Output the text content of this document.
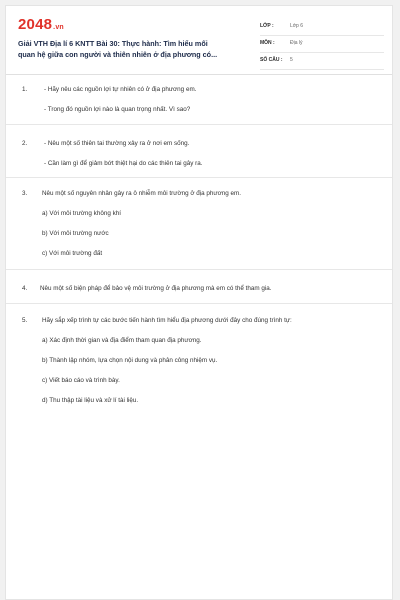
2048.vn
Giải VTH Địa lí 6 KNTT Bài 30: Thực hành: Tìm hiểu mối
quan hệ giữa con người và thiên nhiên ở địa phương có...
LỚP :	Lớp 6
MÔN :	Địa lý
SỐ CÂU : 5
1.	- Hãy nêu các nguồn lợi tự nhiên có ở địa phương em.
- Trong đó nguồn lợi nào là quan trọng nhất. Vì sao?
2.	- Nêu một số thiên tai thường xảy ra ở nơi em sống.
- Cần làm gì để giảm bớt thiệt hại do các thiên tai gây ra.
3. Nêu một số nguyên nhân gây ra ô nhiễm môi trường ở địa phương em.
a) Với môi trường không khí
b) Với môi trường nước
c) Với môi trường đất
4. Nêu một số biện pháp để bảo vệ môi trường ở địa phương mà em có thể tham gia.
5. Hãy sắp xếp trình tự các bước tiến hành tìm hiểu địa phương dưới đây cho đúng trình tự:
a) Xác định thời gian và địa điểm tham quan địa phương.
b) Thành lập nhóm, lựa chọn nội dung và phân công nhiệm vụ.
c) Viết báo cáo và trình bày.
d) Thu thập tài liệu và xử lí tài liệu.
